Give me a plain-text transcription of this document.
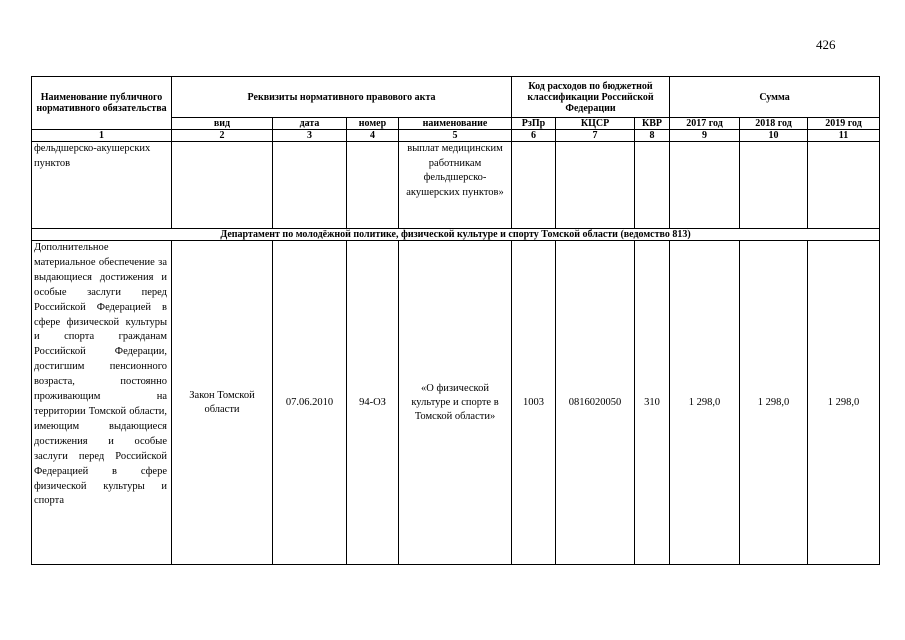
426
Наименование публичного нормативного обязательства	Реквизиты нормативного правового акта				Код расходов по бюджетной классификации Российской Федерации			Сумма		
	вид	дата	номер	наименование	РзПр	КЦСР	КВР	2017 год	2018 год	2019 год
1	2	3	4	5	6	7	8	9	10	11
фельдшерско-акушерских пунктов				выплат медицинским работникам фельдшерско-акушерских пунктов»						
Департамент по молодёжной политике, физической культуре и спорту Томской области (ведомство 813)										
Дополнительное материальное обеспечение за выдающиеся достижения и особые заслуги перед Российской Федерацией в сфере физической культуры и спорта гражданам Российской Федерации, достигшим пенсионного возраста, постоянно проживающим на территории Томской области, имеющим выдающиеся достижения и особые заслуги перед Российской Федерацией в сфере физической культуры и спорта	Закон Томской области	07.06.2010	94-ОЗ	«О физической культуре и спорте в Томской области»	1003	0816020050	310	1 298,0	1 298,0	1 298,0
